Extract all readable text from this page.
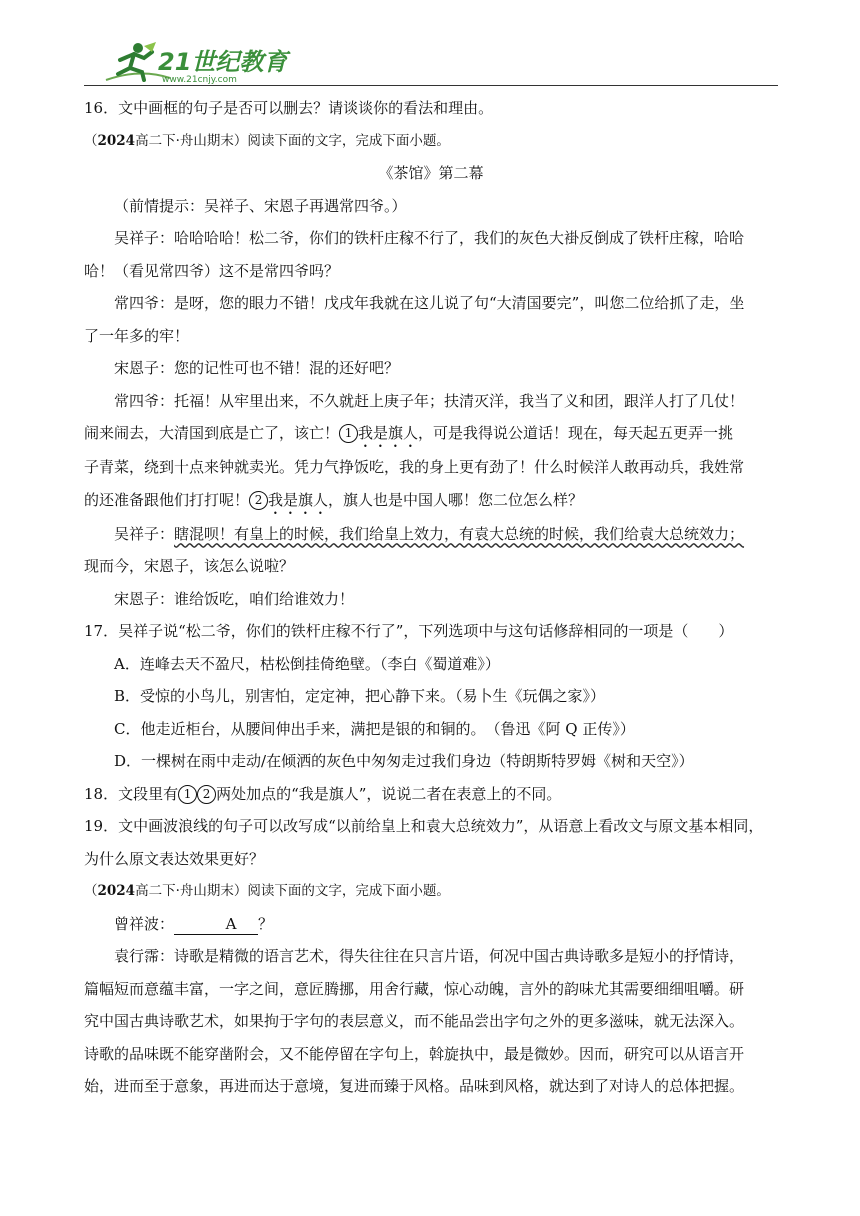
21世纪教育
www.21cnjy.com

16．文中画框的句子是否可以删去？请谈谈你的看法和理由。

（2024高二下·舟山期末）阅读下面的文字，完成下面小题。

《茶馆》第二幕

（前情提示：吴祥子、宋恩子再遇常四爷。）

吴祥子：哈哈哈哈！松二爷，你们的铁杆庄稼不行了，我们的灰色大褂反倒成了铁杆庄稼，哈哈

哈！（看见常四爷）这不是常四爷吗？

常四爷：是呀，您的眼力不错！戊戌年我就在这儿说了句“大清国要完”，叫您二位给抓了走，坐

了一年多的牢！

宋恩子：您的记性可也不错！混的还好吧？

常四爷：托福！从牢里出来，不久就赶上庚子年；扶清灭洋，我当了义和团，跟洋人打了几仗！

闹来闹去，大清国到底是亡了，该亡！ 1 我是旗人，可是我得说公道话！现在，每天起五更弄一挑

子青菜，绕到十点来钟就卖光。凭力气挣饭吃，我的身上更有劲了！什么时候洋人敢再动兵，我姓常

的还准备跟他们打打呢！ 2 我是旗人，旗人也是中国人哪！您二位怎么样？

吴祥子：瞎混呗！有皇上的时候，我们给皇上效力，有袁大总统的时候，我们给袁大总统效力；

现而今，宋恩子，该怎么说啦？

宋恩子：谁给饭吃，咱们给谁效力！

17．吴祥子说“松二爷，你们的铁杆庄稼不行了”，下列选项中与这句话修辞相同的一项是（　　）

A．连峰去天不盈尺，枯松倒挂倚绝壁。（李白《蜀道难》）

B．受惊的小鸟儿，别害怕，定定神，把心静下来。（易卜生《玩偶之家》）

C．他走近柜台，从腰间伸出手来，满把是银的和铜的。　（鲁迅《阿 Q 正传》）

D．一棵树在雨中走动/在倾洒的灰色中匆匆走过我们身边（特朗斯特罗姆《树和天空》）

18．文段里有 1 2 两处加点的“我是旗人”，说说二者在表意上的不同。

19．文中画波浪线的句子可以改写成“以前给皇上和袁大总统效力”，从语意上看改文与原文基本相同，

为什么原文表达效果更好？

（2024高二下·舟山期末）阅读下面的文字，完成下面小题。

曾祥波：	A ？

袁行霈：诗歌是精微的语言艺术，得失往往在只言片语，何况中国古典诗歌多是短小的抒情诗，

篇幅短而意蕴丰富，一字之间，意匠腾挪，用舍行藏，惊心动魄，言外的韵味尤其需要细细咀嚼。研

究中国古典诗歌艺术，如果拘于字句的表层意义，而不能品尝出字句之外的更多滋味，就无法深入。

诗歌的品味既不能穿凿附会，又不能停留在字句上，斡旋执中，最是微妙。因而，研究可以从语言开

始，进而至于意象，再进而达于意境，复进而臻于风格。品味到风格，就达到了对诗人的总体把握。
